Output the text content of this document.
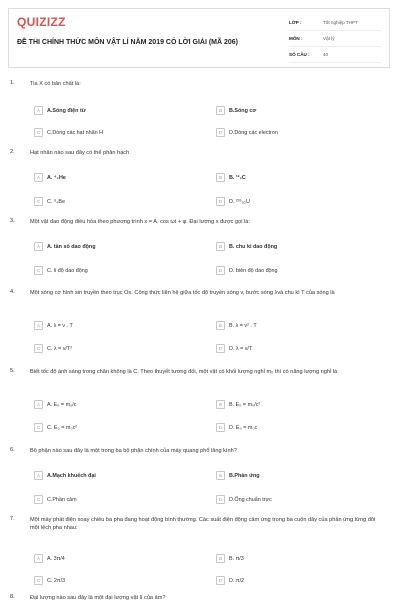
QUIZIZZ
ĐỀ THI CHÍNH THỨC MÔN VẬT LÍ NĂM 2019 CÓ LỜI GIẢI (MÃ 206)
LỚP :	Tốt nghiệp THPT
MÔN :	Vật lý
SỐ CÂU :	40
1.	Tia X có bản chất là:
A	A.Sóng điện từ	B	B.Sóng cơ
C	C.Dòng các hạt nhân H	D	D.Dòng các electron
2.	Hạt nhân nào sau đây có thể phân hạch
A	A. ⁴₂He	B	B. ¹²₆C
C	C. ⁹₄Be	D	D. ²³⁵₉₂U
3.	Một vật dao động điều hòa theo phương trình x = A. cos ωt + φ. Đại lượng x được gọi là:
A	A. tần số dao động	B	B. chu kì dao động
C	C. li độ dao động	D	D. biên độ dao động
4.	Một sóng cơ hình sin truyền theo trục Ox. Công thức liên hệ giữa tốc độ truyền sóng v, bước sóng λvà chu kì T của sóng là
A	A. λ = v . T	B	B. λ = v² . T
C	C. λ = v/T²	D	D. λ = v/T
5.	Biết tốc độ ánh sáng trong chân không là C. Theo thuyết tương đối, một vật có khối lượng nghỉ m₀ thì có năng lượng nghỉ là
A	A. E₀ = m₀/c	B	B. E₀ = m₀/c²
C	C. E₀ = m₀c²	D	D. E₀ = m₀c
6.	Bộ phận nào sau đây là một trong ba bộ phận chính của máy quang phổ lăng kính?
A	A.Mạch khuếch đại	B	B.Phản ứng
C	C.Phần cảm	D	D.Ống chuẩn trực
7.	Một máy phát điện xoay chiều ba pha đang hoạt động bình thường. Các suất điện động cảm ứng trong ba cuộn dây của phần ứng từng đôi một lệch pha nhau:
A	A. 3π/4	B	B. π/3
C	C. 2π/3	D	D. π/2
8.	Đại lượng nào sau đây là một đại lượng vật lí của âm?
